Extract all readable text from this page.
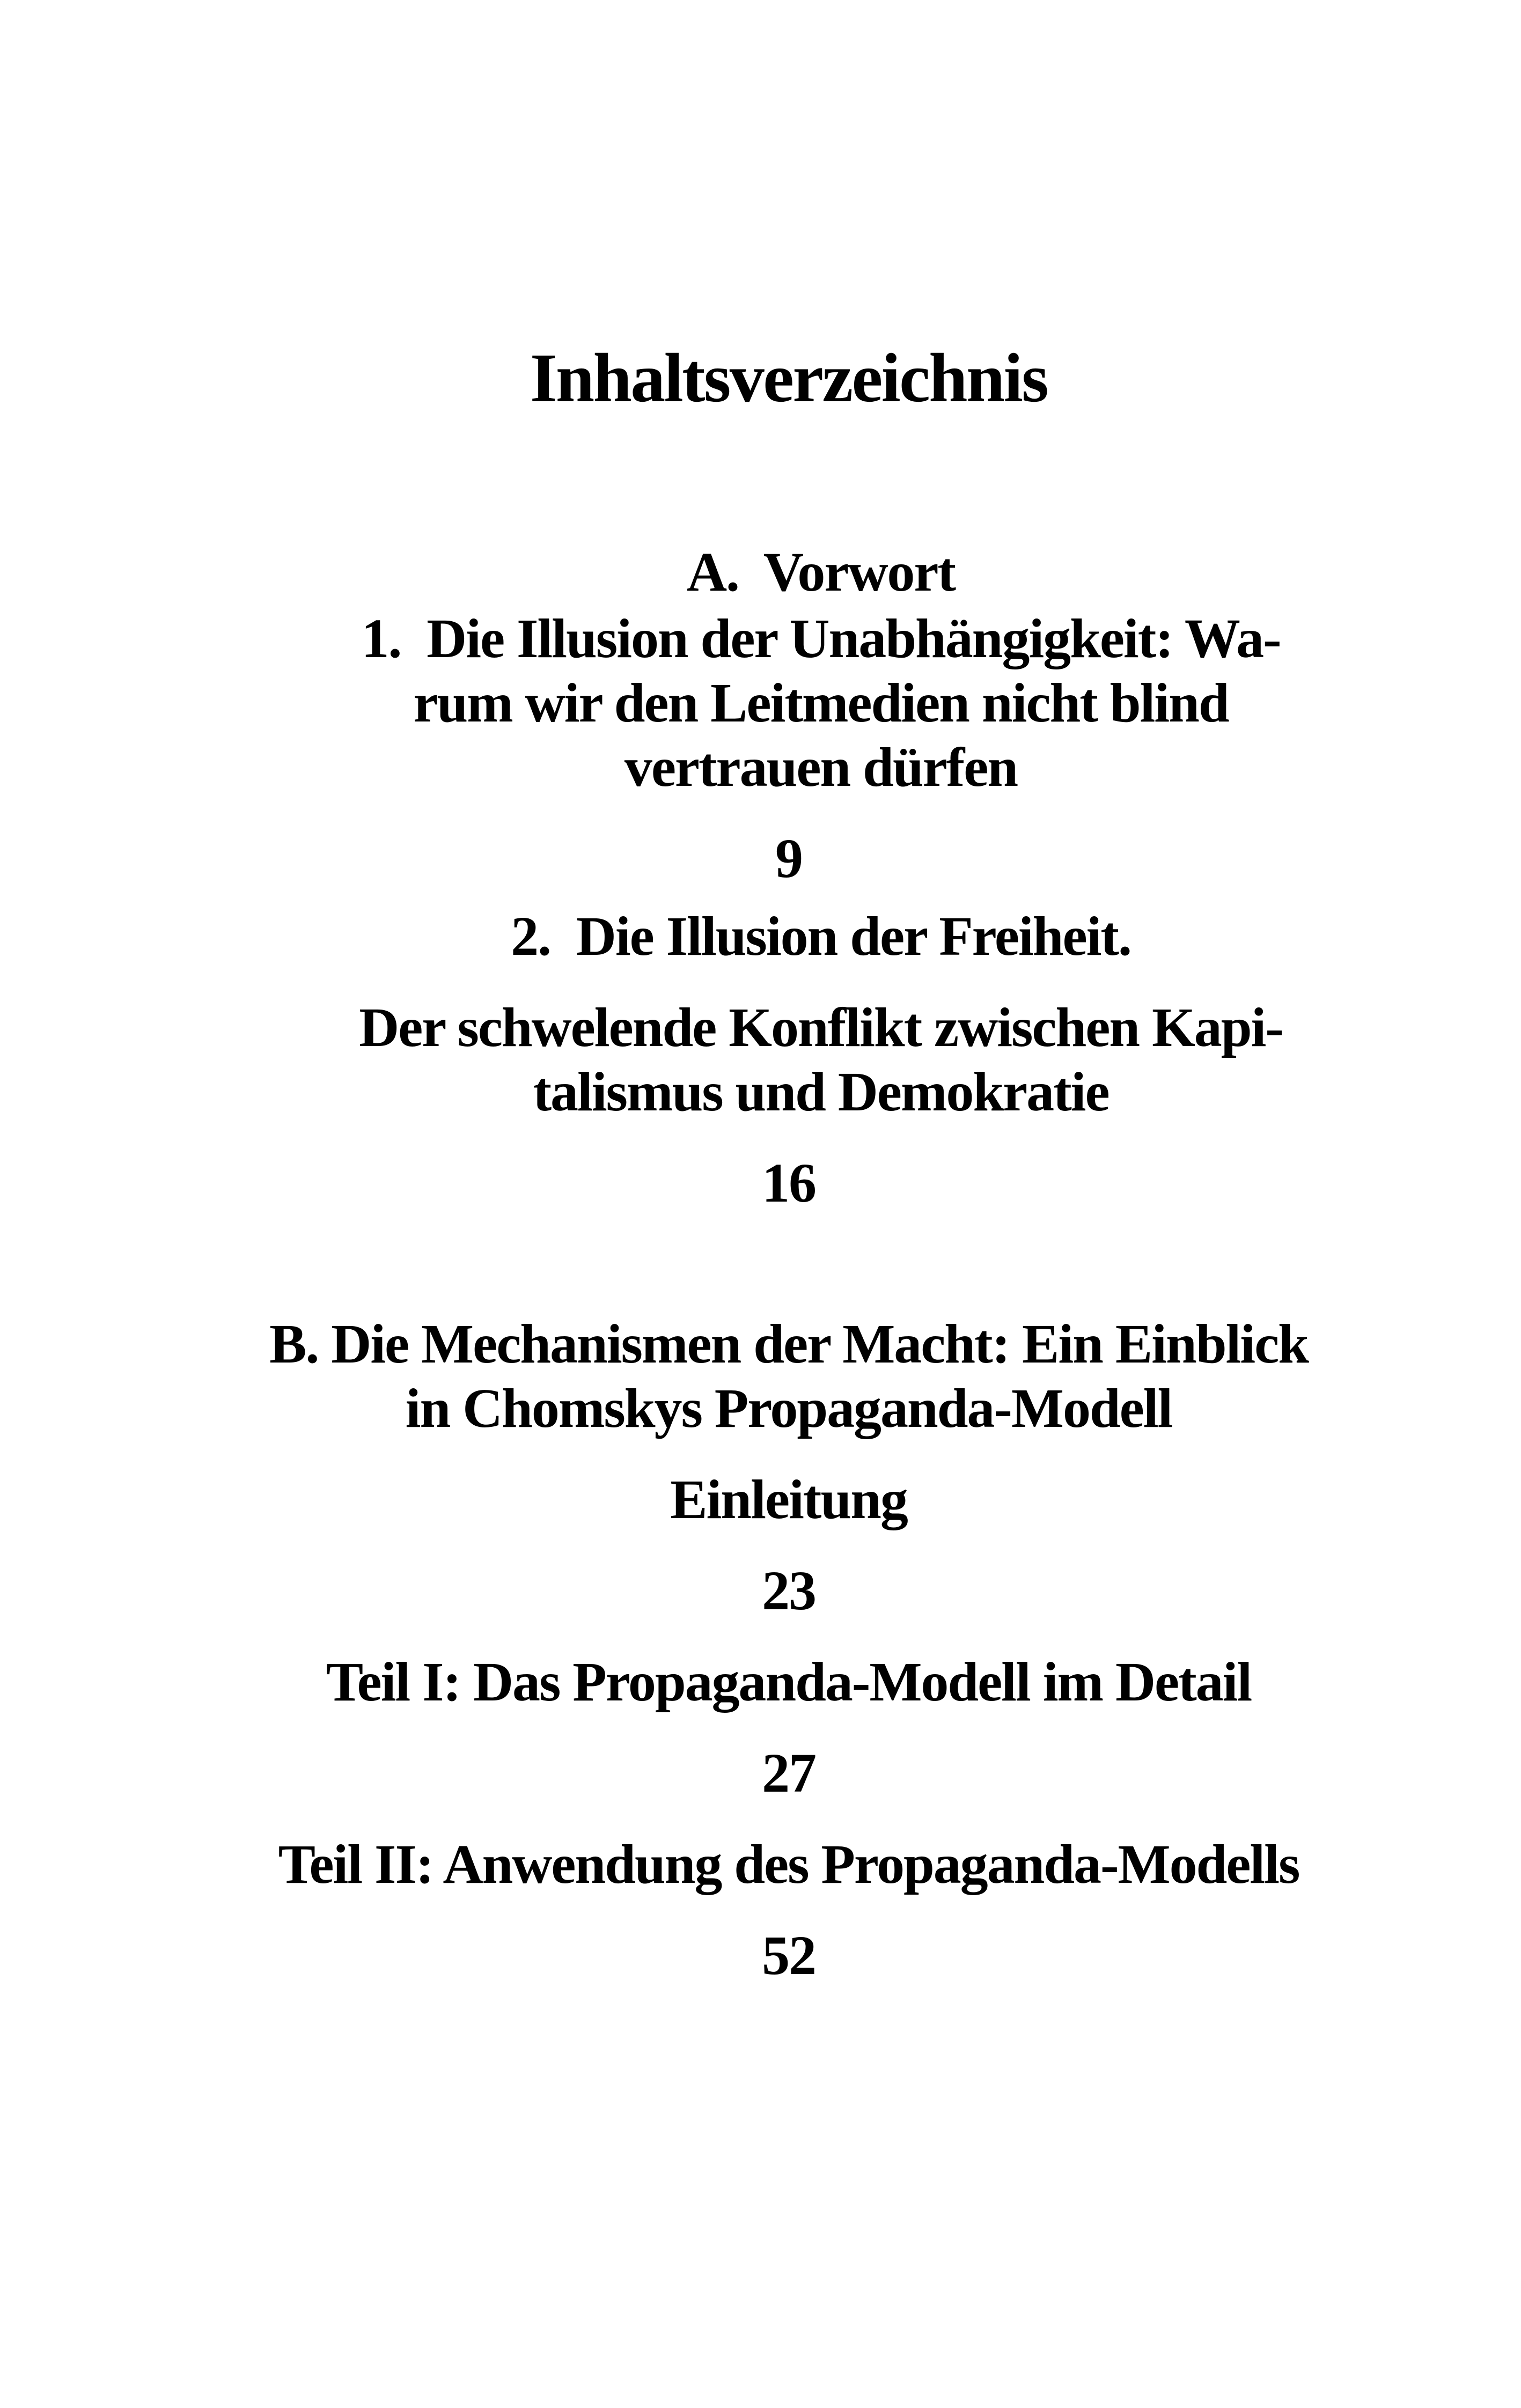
Inhaltsverzeichnis
A.  Vorwort
1.  Die Illusion der Unabhängigkeit: Wa-
rum wir den Leitmedien nicht blind
vertrauen dürfen
9
2.  Die Illusion der Freiheit.
Der schwelende Konflikt zwischen Kapi-
talismus und Demokratie
16
B. Die Mechanismen der Macht: Ein Einblick
in Chomskys Propaganda-Modell
Einleitung
23
Teil I: Das Propaganda-Modell im Detail
27
Teil II: Anwendung des Propaganda-Modells
52
